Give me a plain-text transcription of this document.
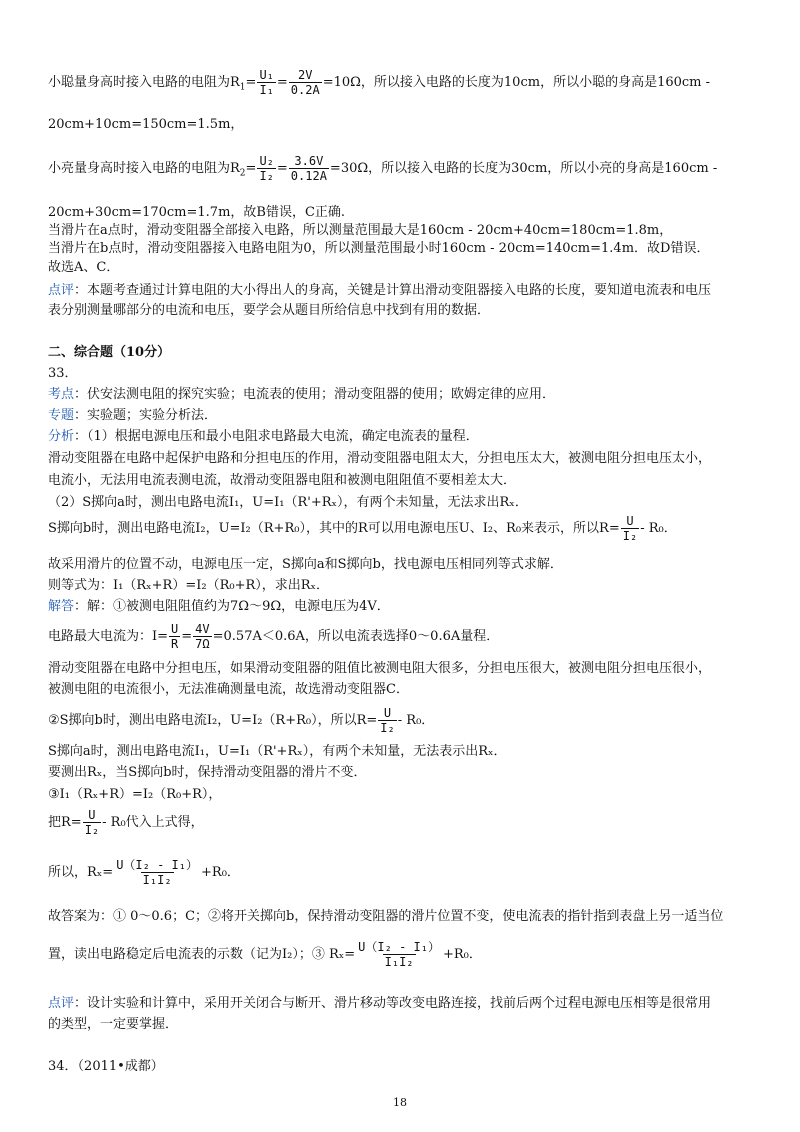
小聪量身高时接入电路的电阻为$R_1= \frac{\text{U₁}}{\text{I₁}} = \frac{2V}{0.2A} =10\Omega$，所以接入电路的长度为10cm，所以小聪的身高是160cm -
20cm+10cm=150cm=1.5m，
小亮量身高时接入电路的电阻为$R_2= \frac{\text{U₂}}{\text{I₂}} = \frac{3.6V}{0.12A} =30\Omega$，所以接入电路的长度为30cm，所以小亮的身高是160cm -
20cm+30cm=170cm=1.7m，故B错误，C正确.
当滑片在a点时，滑动变阻器全部接入电路，所以测量范围最大是160cm - 20cm+40cm=180cm=1.8m，
当滑片在b点时，滑动变阻器接入电路电阻为0，所以测量范围最小时160cm - 20cm=140cm=1.4m．故D错误．
故选A、C．
点评：本题考查通过计算电阻的大小得出人的身高，关键是计算出滑动变阻器接入电路的长度，要知道电流表和电压
表分别测量哪部分的电流和电压，要学会从题目所给信息中找到有用的数据．
二、综合题（10分）
33．
考点：伏安法测电阻的探究实验；电流表的使用；滑动变阻器的使用；欧姆定律的应用．
专题：实验题；实验分析法．
分析：（1）根据电源电压和最小电阻求电路最大电流，确定电流表的量程．
滑动变阻器在电路中起保护电路和分担电压的作用，滑动变阻器电阻太大，分担电压太大，被测电阻分担电压太小，
电流小，无法用电流表测电流，故滑动变阻器电阻和被测电阻阻值不要相差太大．
（2）S掷向a时，测出电路电流I₁，U=I₁（R'+Rₓ），有两个未知量，无法求出Rₓ．
S掷向b时，测出电路电流I₂，U=I₂（R+R₀），其中的R可以用电源电压U、I₂、R₀来表示，所以$R= \frac{U}{\text{I₂}} - R_0$．
故采用滑片的位置不动，电源电压一定，S掷向a和S掷向b，找电源电压相同列等式求解．
则等式为：I₁（Rₓ+R）=I₂（R₀+R），求出Rₓ．
解答：解：①被测电阻阻值约为7Ω～9Ω，电源电压为4V．
电路最大电流为：$I= \frac{U}{R} = \frac{4V}{7\Omega} =0.57A<0.6A$，所以电流表选择0～0.6A量程．
滑动变阻器在电路中分担电压，如果滑动变阻器的阻值比被测电阻大很多，分担电压很大，被测电阻分担电压很小，
被测电阻的电流很小，无法准确测量电流，故选滑动变阻器C．
②S掷向b时，测出电路电流I₂，U=I₂（R+R₀），所以$R= \frac{U}{\text{I₂}} - R_0$．
S掷向a时，测出电路电流I₁，U=I₁（R'+Rₓ），有两个未知量，无法表示出Rₓ．
要测出Rₓ，当S掷向b时，保持滑动变阻器的滑片不变．
③I₁（Rₓ+R）=I₂（R₀+R），
把$R= \frac{U}{\text{I₂}} - R_0$代入上式得，
所以，$R_x= \frac{\text{U（I₂ - I₁）}}{\text{I₁I₂}} +R_0$．
故答案为：① 0～0.6；C；②将开关掷向b，保持滑动变阻器的滑片位置不变，使电流表的指针指到表盘上另一适当位
置，读出电路稳定后电流表的示数（记为I₂）；③ $R_x= \frac{\text{U（I₂ - I₁）}}{\text{I₁I₂}} +R_0$．
点评：设计实验和计算中，采用开关闭合与断开、滑片移动等改变电路连接，找前后两个过程电源电压相等是很常用
的类型，一定要掌握．
34．（2011•成都）
18
